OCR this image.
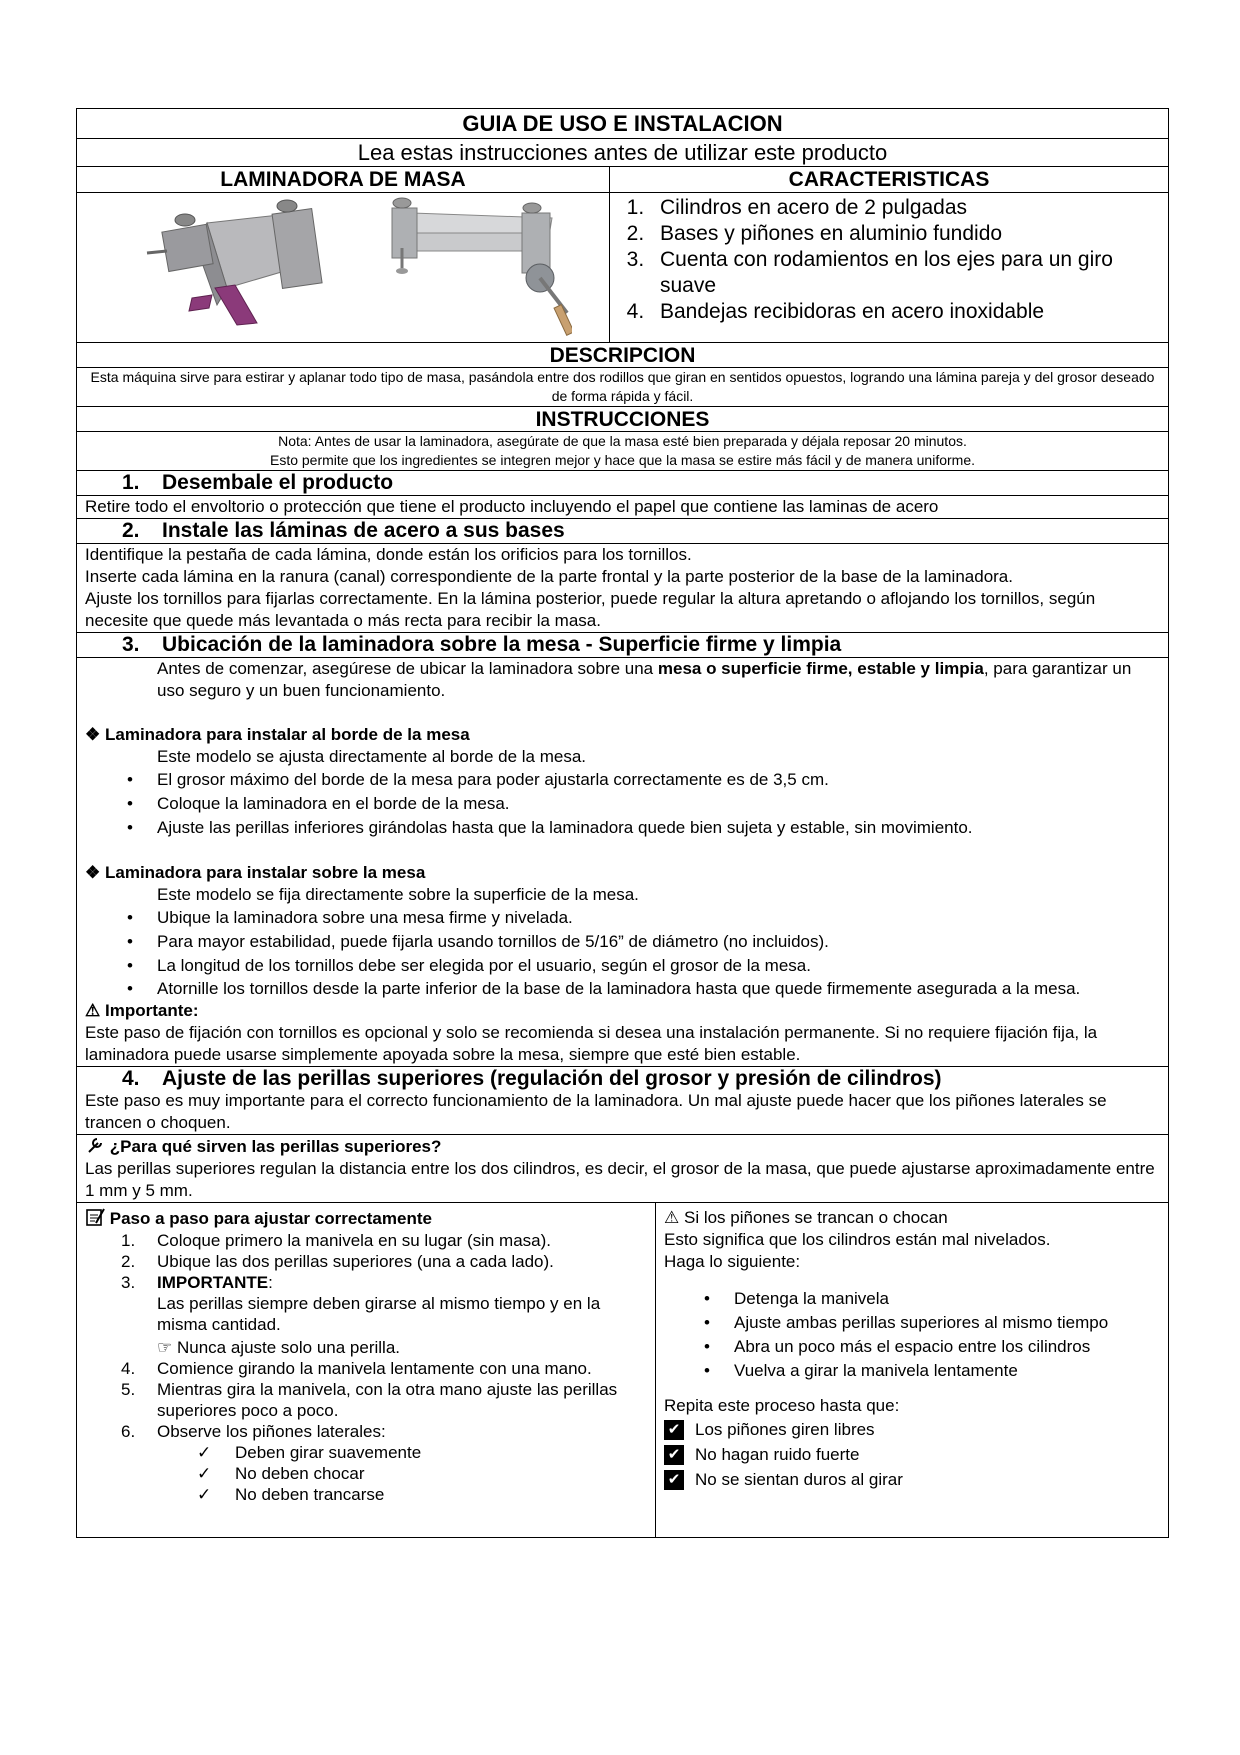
GUIA DE USO E INSTALACION
Lea estas instrucciones antes de utilizar este producto
LAMINADORA DE MASA	CARACTERISTICAS
1. Cilindros en acero de 2 pulgadas
2. Bases y piñones en aluminio fundido
3. Cuenta con rodamientos en los ejes para un giro suave
4. Bandejas recibidoras en acero inoxidable
DESCRIPCION
Esta máquina sirve para estirar y aplanar todo tipo de masa, pasándola entre dos rodillos que giran en sentidos opuestos, logrando una lámina pareja y del grosor deseado de forma rápida y fácil.
INSTRUCCIONES
Nota: Antes de usar la laminadora, asegúrate de que la masa esté bien preparada y déjala reposar 20 minutos.
Esto permite que los ingredientes se integren mejor y hace que la masa se estire más fácil y de manera uniforme.
1. Desembale el producto
Retire todo el envoltorio o protección que tiene el producto incluyendo el papel que contiene las laminas de acero
2. Instale las láminas de acero a sus bases
Identifique la pestaña de cada lámina, donde están los orificios para los tornillos.
Inserte cada lámina en la ranura (canal) correspondiente de la parte frontal y la parte posterior de la base de la laminadora.
Ajuste los tornillos para fijarlas correctamente. En la lámina posterior, puede regular la altura apretando o aflojando los tornillos, según necesite que quede más levantada o más recta para recibir la masa.
3. Ubicación de la laminadora sobre la mesa - Superficie firme y limpia
Antes de comenzar, asegúrese de ubicar la laminadora sobre una mesa o superficie firme, estable y limpia, para garantizar un uso seguro y un buen funcionamiento.
❖ Laminadora para instalar al borde de la mesa
Este modelo se ajusta directamente al borde de la mesa.
• El grosor máximo del borde de la mesa para poder ajustarla correctamente es de 3,5 cm.
• Coloque la laminadora en el borde de la mesa.
• Ajuste las perillas inferiores girándolas hasta que la laminadora quede bien sujeta y estable, sin movimiento.
❖ Laminadora para instalar sobre la mesa
Este modelo se fija directamente sobre la superficie de la mesa.
• Ubique la laminadora sobre una mesa firme y nivelada.
• Para mayor estabilidad, puede fijarla usando tornillos de 5/16” de diámetro (no incluidos).
• La longitud de los tornillos debe ser elegida por el usuario, según el grosor de la mesa.
• Atornille los tornillos desde la parte inferior de la base de la laminadora hasta que quede firmemente asegurada a la mesa.
⚠ Importante:
Este paso de fijación con tornillos es opcional y solo se recomienda si desea una instalación permanente. Si no requiere fijación fija, la laminadora puede usarse simplemente apoyada sobre la mesa, siempre que esté bien estable.
4. Ajuste de las perillas superiores (regulación del grosor y presión de cilindros)
Este paso es muy importante para el correcto funcionamiento de la laminadora. Un mal ajuste puede hacer que los piñones laterales se trancen o choquen.
¿Para qué sirven las perillas superiores?
Las perillas superiores regulan la distancia entre los dos cilindros, es decir, el grosor de la masa, que puede ajustarse aproximadamente entre 1 mm y 5 mm.
Paso a paso para ajustar correctamente
1. Coloque primero la manivela en su lugar (sin masa).
2. Ubique las dos perillas superiores (una a cada lado).
3. IMPORTANTE:
Las perillas siempre deben girarse al mismo tiempo y en la misma cantidad.
☞ Nunca ajuste solo una perilla.
4. Comience girando la manivela lentamente con una mano.
5. Mientras gira la manivela, con la otra mano ajuste las perillas superiores poco a poco.
6. Observe los piñones laterales:
✓ Deben girar suavemente
✓ No deben chocar
✓ No deben trancarse
⚠ Si los piñones se trancan o chocan
Esto significa que los cilindros están mal nivelados.
Haga lo siguiente:
• Detenga la manivela
• Ajuste ambas perillas superiores al mismo tiempo
• Abra un poco más el espacio entre los cilindros
• Vuelva a girar la manivela lentamente
Repita este proceso hasta que:
✔ Los piñones giren libres
✔ No hagan ruido fuerte
✔ No se sientan duros al girar
